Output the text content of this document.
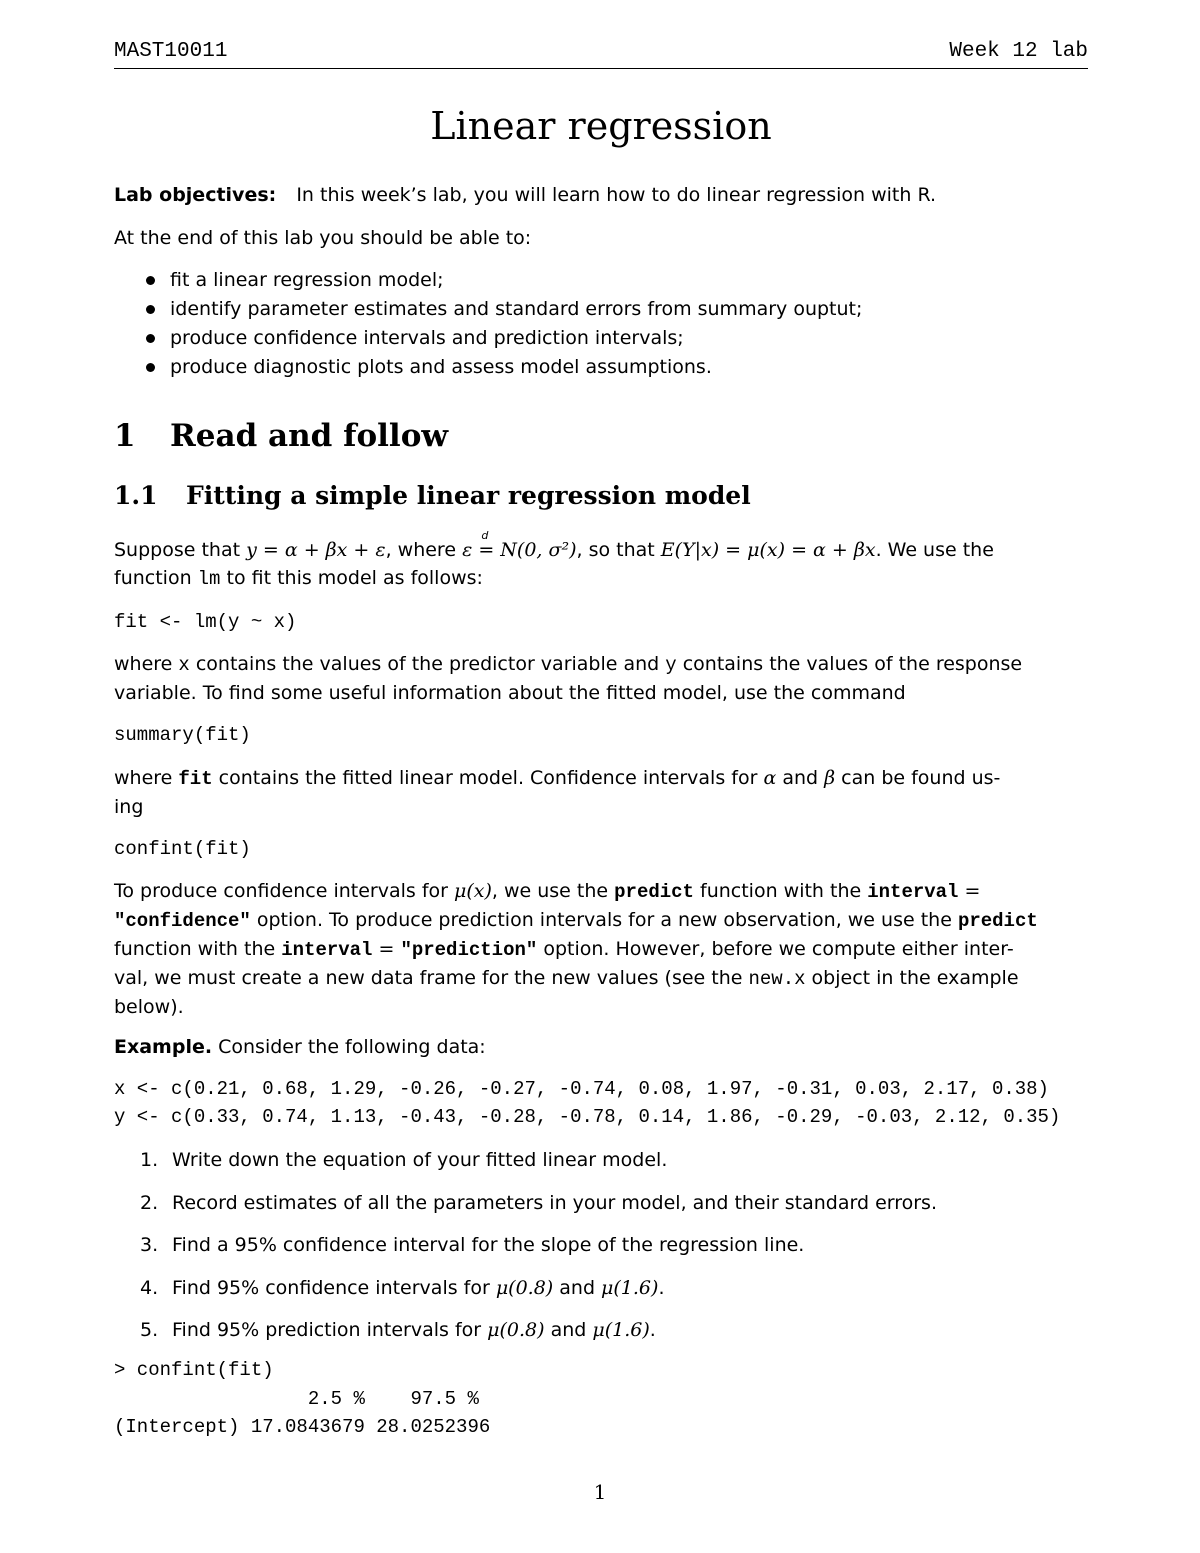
MAST10011	Week 12 lab
Linear regression
Lab objectives: In this week’s lab, you will learn how to do linear regression with R.
At the end of this lab you should be able to:
fit a linear regression model;
identify parameter estimates and standard errors from summary ouptut;
produce confidence intervals and prediction intervals;
produce diagnostic plots and assess model assumptions.
1 Read and follow
1.1 Fitting a simple linear regression model
Suppose that y = α + βx + ε, where ε
d
= N(0, σ²), so that E(Y|x) = μ(x) = α + βx. We use the
function lm to fit this model as follows:
fit <- lm(y ~ x)
where x contains the values of the predictor variable and y contains the values of the response
variable. To find some useful information about the fitted model, use the command
summary(fit)
where fit contains the fitted linear model. Confidence intervals for α and β can be found us-
ing
confint(fit)
To produce confidence intervals for μ(x), we use the predict function with the interval =
"confidence" option. To produce prediction intervals for a new observation, we use the predict
function with the interval = "prediction" option. However, before we compute either inter-
val, we must create a new data frame for the new values (see the new.x object in the example
below).
Example. Consider the following data:
x <- c(0.21, 0.68, 1.29, -0.26, -0.27, -0.74, 0.08, 1.97, -0.31, 0.03, 2.17, 0.38)
y <- c(0.33, 0.74, 1.13, -0.43, -0.28, -0.78, 0.14, 1.86, -0.29, -0.03, 2.12, 0.35)
1. Write down the equation of your fitted linear model.
2. Record estimates of all the parameters in your model, and their standard errors.
3. Find a 95% confidence interval for the slope of the regression line.
4. Find 95% confidence intervals for μ(0.8) and μ(1.6).
5. Find 95% prediction intervals for μ(0.8) and μ(1.6).
> confint(fit)
2.5 %    97.5 %
(Intercept) 17.0843679 28.0252396
1
